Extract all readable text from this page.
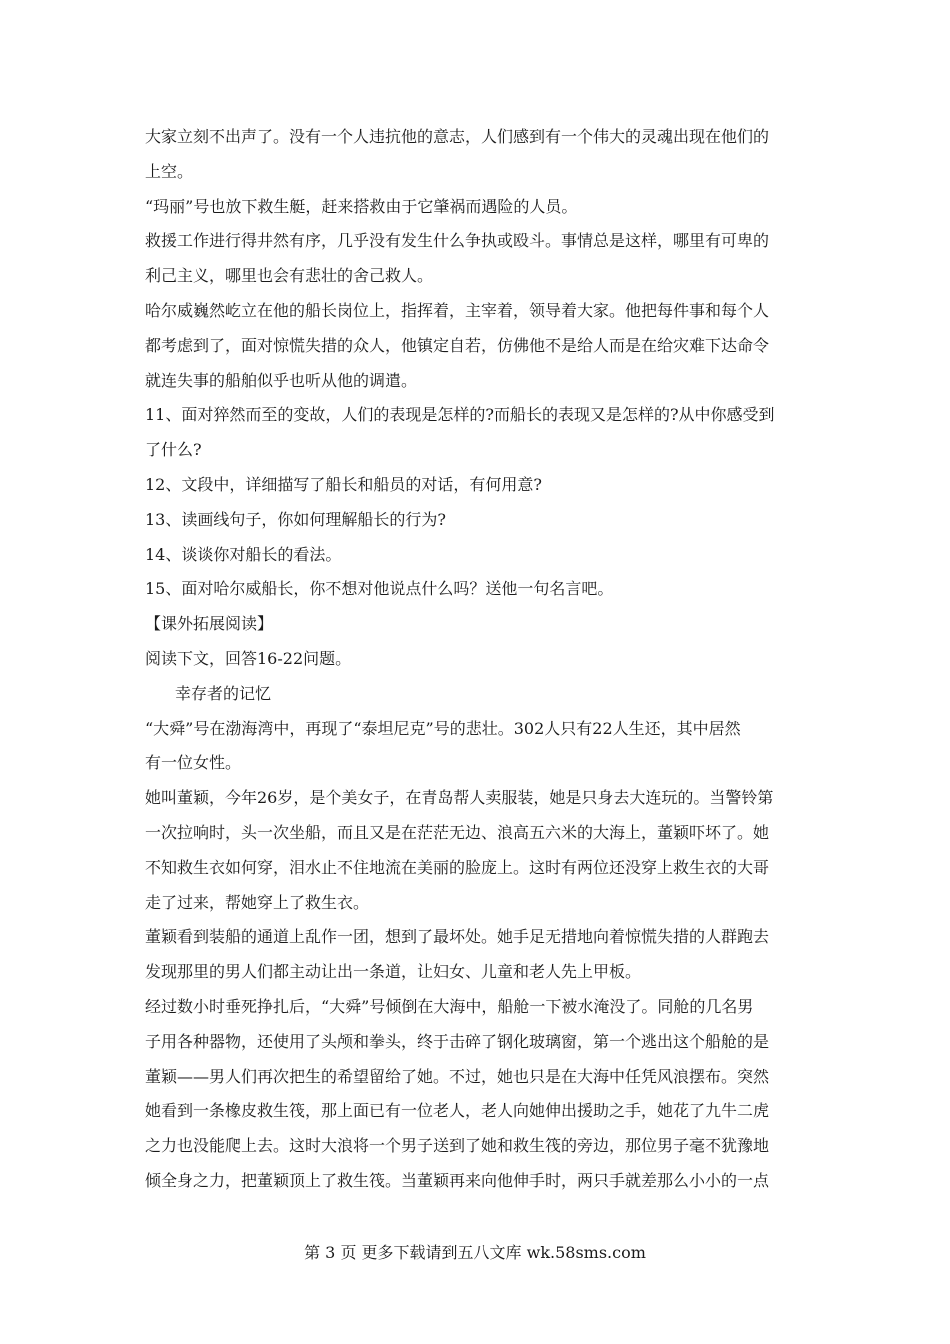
大家立刻不出声了。没有一个人违抗他的意志，人们感到有一个伟大的灵魂出现在他们的
上空。
“玛丽”号也放下救生艇，赶来搭救由于它肇祸而遇险的人员。
救援工作进行得井然有序，几乎没有发生什么争执或殴斗。事情总是这样，哪里有可卑的
利己主义，哪里也会有悲壮的舍己救人。
哈尔威巍然屹立在他的船长岗位上，指挥着，主宰着，领导着大家。他把每件事和每个人
都考虑到了，面对惊慌失措的众人，他镇定自若，仿佛他不是给人而是在给灾难下达命令
就连失事的船舶似乎也听从他的调遣。
11、面对猝然而至的变故，人们的表现是怎样的?而船长的表现又是怎样的?从中你感受到
了什么?
12、文段中，详细描写了船长和船员的对话，有何用意?
13、读画线句子，你如何理解船长的行为?
14、谈谈你对船长的看法。
15、面对哈尔威船长，你不想对他说点什么吗？送他一句名言吧。
【课外拓展阅读】
阅读下文，回答16-22问题。
幸存者的记忆
“大舜”号在渤海湾中，再现了“泰坦尼克”号的悲壮。302人只有22人生还，其中居然
有一位女性。
她叫董颖，今年26岁，是个美女子，在青岛帮人卖服装，她是只身去大连玩的。当警铃第
一次拉响时，头一次坐船，而且又是在茫茫无边、浪高五六米的大海上，董颖吓坏了。她
不知救生衣如何穿，泪水止不住地流在美丽的脸庞上。这时有两位还没穿上救生衣的大哥
走了过来，帮她穿上了救生衣。
董颖看到装船的通道上乱作一团，想到了最坏处。她手足无措地向着惊慌失措的人群跑去
发现那里的男人们都主动让出一条道，让妇女、儿童和老人先上甲板。
经过数小时垂死挣扎后，“大舜”号倾倒在大海中，船舱一下被水淹没了。同舱的几名男
子用各种器物，还使用了头颅和拳头，终于击碎了钢化玻璃窗，第一个逃出这个船舱的是
董颖——男人们再次把生的希望留给了她。不过，她也只是在大海中任凭风浪摆布。突然
她看到一条橡皮救生筏，那上面已有一位老人，老人向她伸出援助之手，她花了九牛二虎
之力也没能爬上去。这时大浪将一个男子送到了她和救生筏的旁边，那位男子毫不犹豫地
倾全身之力，把董颖顶上了救生筏。当董颖再来向他伸手时，两只手就差那么小小的一点
第 3 页 更多下载请到五八文库 wk.58sms.com
